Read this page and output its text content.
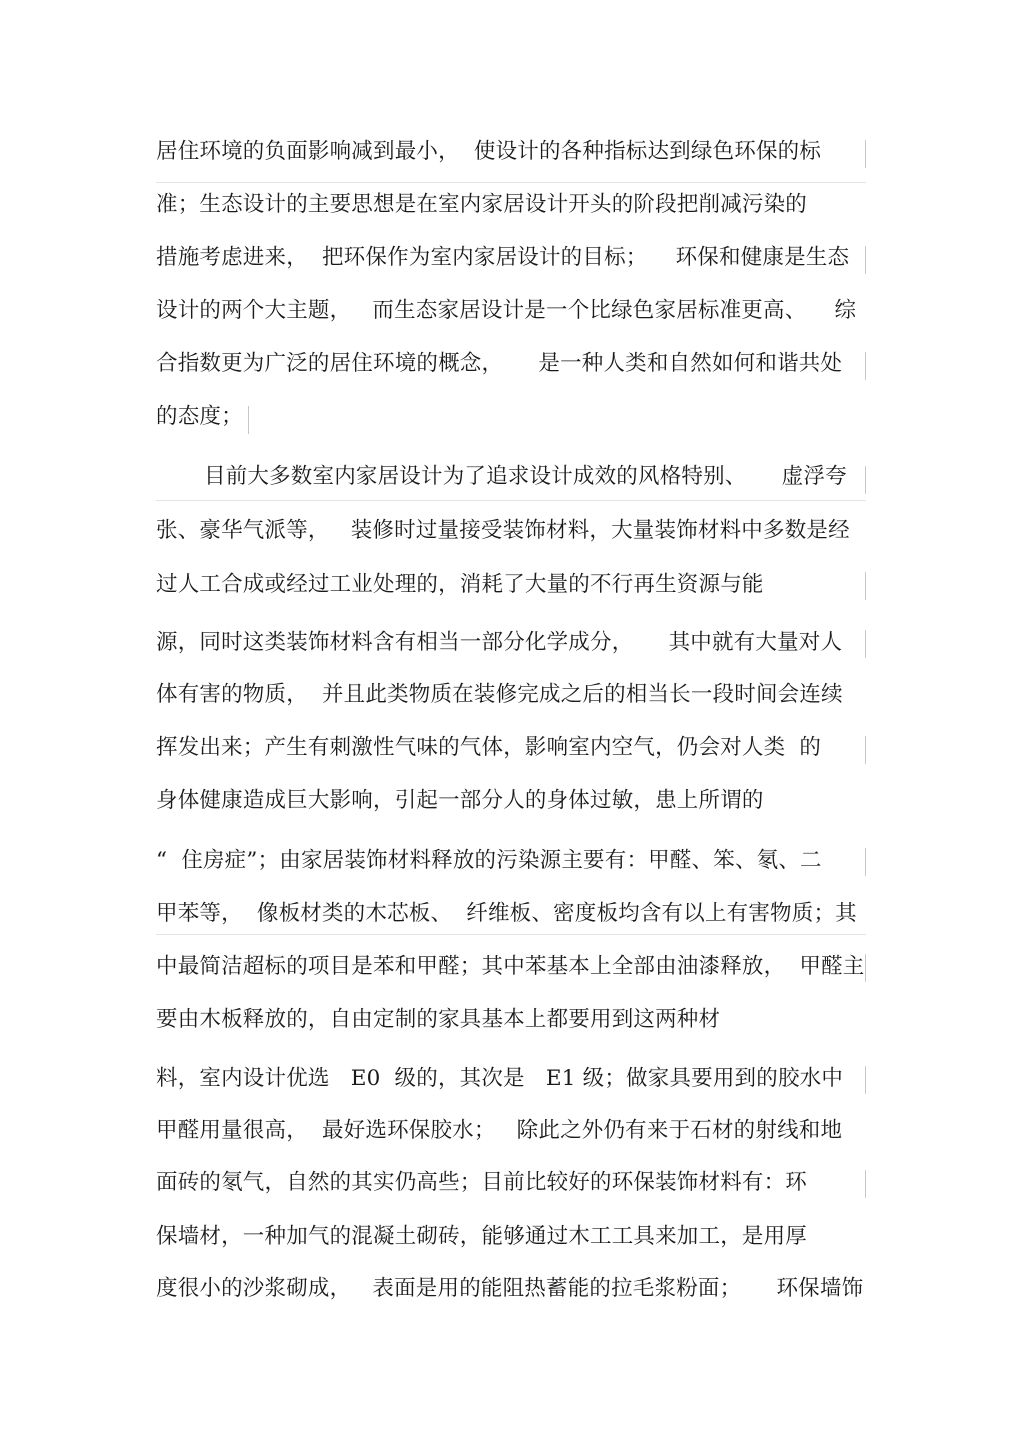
居住环境的负面影响减到最小，  使设计的各种指标达到绿色环保的标
准；生态设计的主要思想是在室内家居设计开头的阶段把削减污染的
措施考虑进来，  把环保作为室内家居设计的目标；    环保和健康是生态
设计的两个大主题，   而生态家居设计是一个比绿色家居标准更高、    综
合指数更为广泛的居住环境的概念，     是一种人类和自然如何和谐共处
的态度；
目前大多数室内家居设计为了追求设计成效的风格特别、     虚浮夸
张、豪华气派等，   装修时过量接受装饰材料，大量装饰材料中多数是经
过人工合成或经过工业处理的，消耗了大量的不行再生资源与能
源，同时这类装饰材料含有相当一部分化学成分，     其中就有大量对人
体有害的物质，  并且此类物质在装修完成之后的相当长一段时间会连续
挥发出来；产生有刺激性气味的气体，影响室内空气，仍会对人类  的
身体健康造成巨大影响，引起一部分人的身体过敏，患上所谓的
“  住房症”；由家居装饰材料释放的污染源主要有：甲醛、笨、氡、二
甲苯等，  像板材类的木芯板、  纤维板、密度板均含有以上有害物质；其
中最简洁超标的项目是苯和甲醛；其中苯基本上全部由油漆释放，  甲醛主
要由木板释放的，自由定制的家具基本上都要用到这两种材
料，室内设计优选   E0  级的，其次是   E1 级；做家具要用到的胶水中
甲醛用量很高，  最好选环保胶水；   除此之外仍有来于石材的射线和地
面砖的氡气，自然的其实仍高些；目前比较好的环保装饰材料有：环
保墙材，一种加气的混凝土砌砖，能够通过木工工具来加工，是用厚
度很小的沙浆砌成，   表面是用的能阻热蓄能的拉毛浆粉面；     环保墙饰
